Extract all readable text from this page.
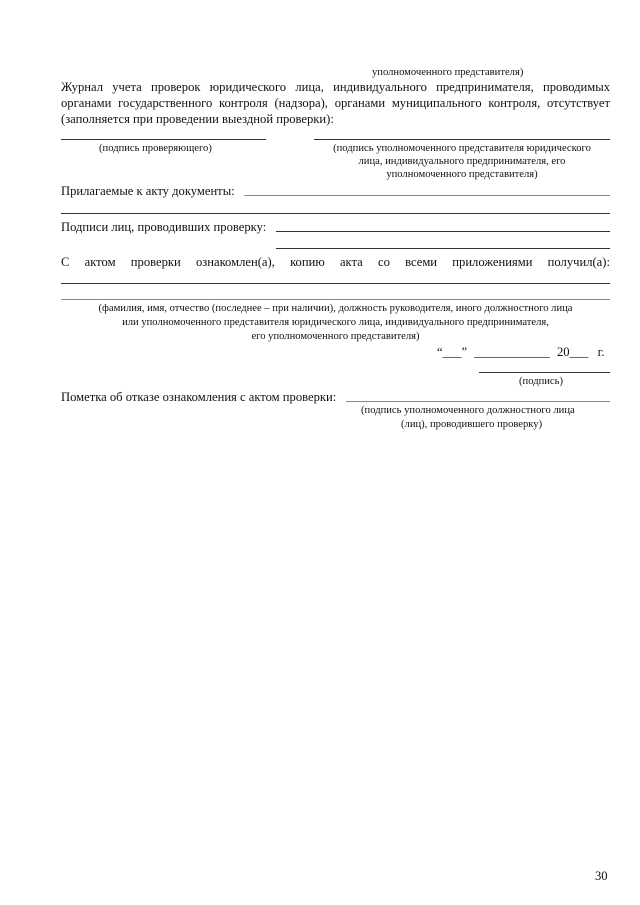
уполномоченного представителя)
Журнал учета проверок юридического лица, индивидуального предпринимателя, проводимых
органами государственного контроля (надзора), органами муниципального контроля, отсутствует
(заполняется при проведении выездной проверки):
(подпись проверяющего)	(подпись уполномоченного представителя юридического
лица, индивидуального предпринимателя, его
уполномоченного представителя)
Прилагаемые к акту документы:
Подписи лиц, проводивших проверку:
С актом проверки ознакомлен(а), копию акта со всеми приложениями получил(а):
(фамилия, имя, отчество (последнее – при наличии), должность руководителя, иного должностного лица
или уполномоченного представителя юридического лица, индивидуального предпринимателя,
его уполномоченного представителя)
“___” ____________ 20___ г.
(подпись)
Пометка об отказе ознакомления с актом проверки:
(подпись уполномоченного должностного лица
(лиц), проводившего проверку)
30
